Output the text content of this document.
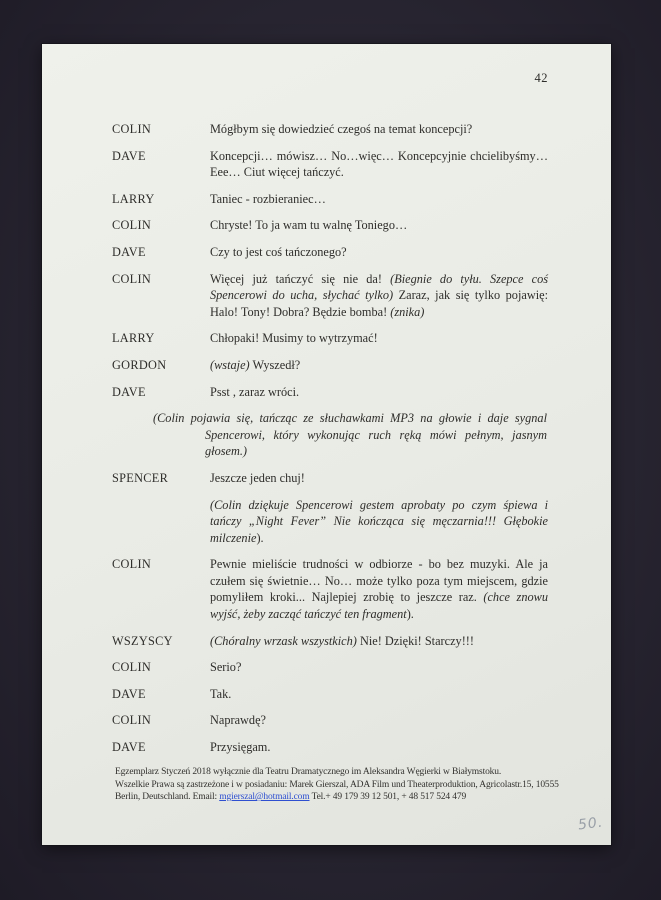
42
COLIN	Mógłbym się dowiedzieć czegoś na temat koncepcji?
DAVE	Koncepcji… mówisz… No…więc… Koncepcyjnie chcielibyśmy… Eee… Ciut więcej tańczyć.
LARRY	Taniec - rozbieraniec…
COLIN	Chryste! To ja wam tu walnę Toniego…
DAVE	Czy to jest coś tańczonego?
COLIN	Więcej już tańczyć się nie da! (Biegnie do tyłu. Szepce coś Spencerowi do ucha, słychać tylko) Zaraz, jak się tylko pojawię: Halo! Tony! Dobra? Będzie bomba! (znika)
LARRY	Chłopaki! Musimy to wytrzymać!
GORDON	(wstaje) Wyszedł?
DAVE	Psst , zaraz wróci.
(Colin pojawia się, tańcząc ze słuchawkami MP3 na głowie i daje sygnal Spencerowi, który wykonując ruch ręką mówi pełnym, jasnym głosem.)
SPENCER	Jeszcze jeden chuj!
(Colin dziękuje Spencerowi gestem aprobaty po czym śpiewa i tańczy „Night Fever” Nie kończąca się męczarnia!!! Głębokie milczenie).
COLIN	Pewnie mieliście trudności w odbiorze - bo bez muzyki. Ale ja czułem się świetnie… No… może tylko poza tym miejscem, gdzie pomyliłem kroki... Najlepiej zrobię to jeszcze raz. (chce znowu wyjść, żeby zacząć tańczyć ten fragment).
WSZYSCY	(Chóralny wrzask wszystkich) Nie! Dzięki! Starczy!!!
COLIN	Serio?
DAVE	Tak.
COLIN	Naprawdę?
DAVE	Przysięgam.
Egzemplarz Styczeń 2018 wyłącznie dla Teatru Dramatycznego im Aleksandra Węgierki w Białymstoku.
Wszelkie Prawa są zastrzeżone i w posiadaniu: Marek Gierszal, ADA Film und Theaterproduktion, Agricolastr.15, 10555
Berlin, Deutschland. Email: mgierszal@hotmail.com Tel.+ 49 179 39 12 501, + 48 517 524 479
50.
